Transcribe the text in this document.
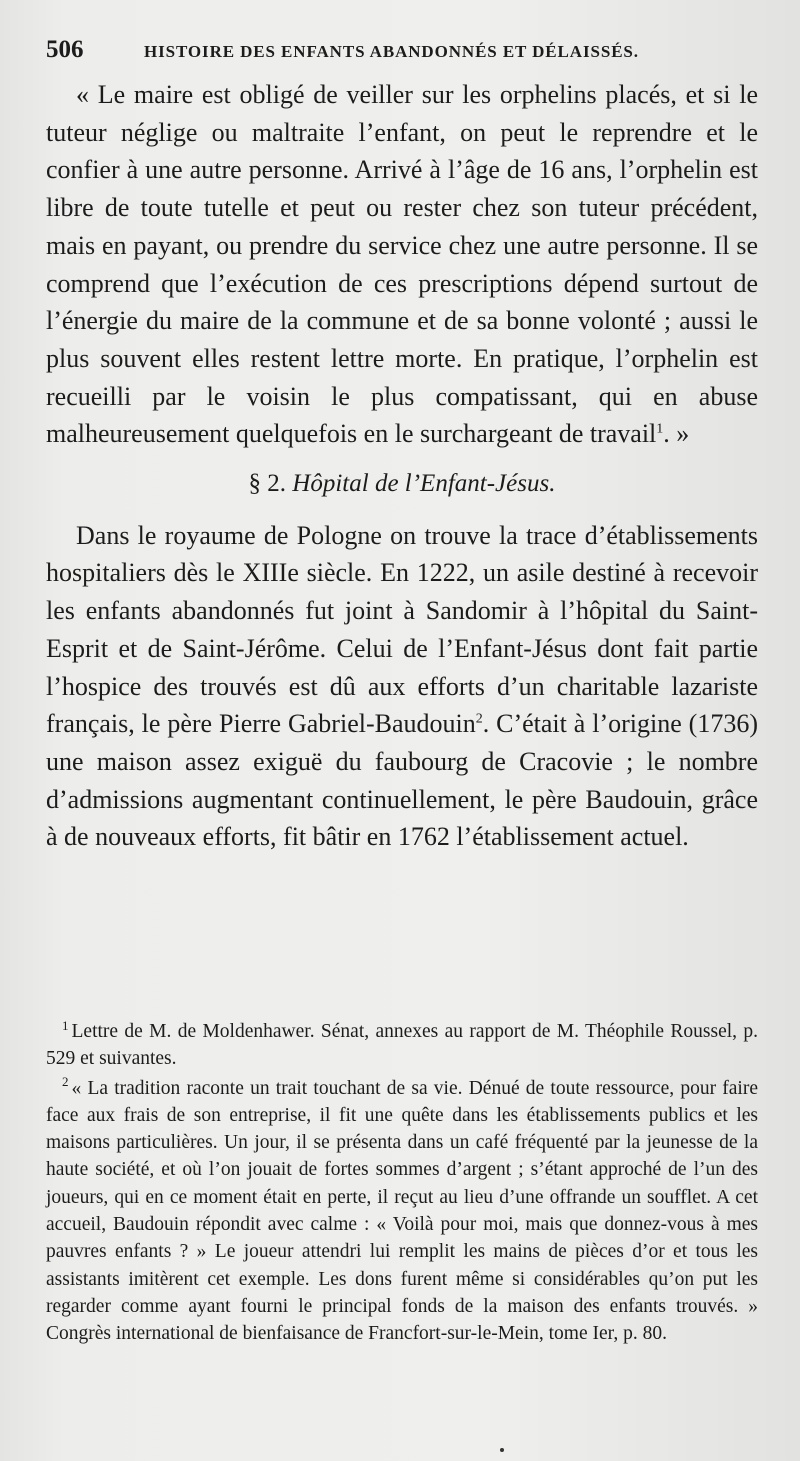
506	HISTOIRE DES ENFANTS ABANDONNÉS ET DÉLAISSÉS.

« Le maire est obligé de veiller sur les orphelins placés, et si le tuteur néglige ou maltraite l’enfant, on peut le reprendre et le confier à une autre personne. Arrivé à l’âge de 16 ans, l’orphelin est libre de toute tutelle et peut ou rester chez son tuteur précédent, mais en payant, ou prendre du service chez une autre personne. Il se comprend que l’exécution de ces prescriptions dépend surtout de l’énergie du maire de la commune et de sa bonne volonté ; aussi le plus souvent elles restent lettre morte. En pratique, l’orphelin est recueilli par le voisin le plus compatissant, qui en abuse malheureusement quelquefois en le surchargeant de travail$^1$. »

§ 2. Hôpital de l’Enfant-Jésus.

Dans le royaume de Pologne on trouve la trace d’établissements hospitaliers dès le XIIIe siècle. En 1222, un asile destiné à recevoir les enfants abandonnés fut joint à Sandomir à l’hôpital du Saint-Esprit et de Saint-Jérôme. Celui de l’Enfant-Jésus dont fait partie l’hospice des trouvés est dû aux efforts d’un charitable lazariste français, le père Pierre Gabriel-Baudouin$^2$. C’était à l’origine (1736) une maison assez exiguë du faubourg de Cracovie ; le nombre d’admissions augmentant continuellement, le père Baudouin, grâce à de nouveaux efforts, fit bâtir en 1762 l’établissement actuel.

$^1$ Lettre de M. de Moldenhawer. Sénat, annexes au rapport de M. Théophile Roussel, p. 529 et suivantes.

$^2$ « La tradition raconte un trait touchant de sa vie. Dénué de toute ressource, pour faire face aux frais de son entreprise, il fit une quête dans les établissements publics et les maisons particulières. Un jour, il se présenta dans un café fréquenté par la jeunesse de la haute société, et où l’on jouait de fortes sommes d’argent ; s’étant approché de l’un des joueurs, qui en ce moment était en perte, il reçut au lieu d’une offrande un soufflet. A cet accueil, Baudouin répondit avec calme : « Voilà pour moi, mais que donnez-vous à mes pauvres enfants ? » Le joueur attendri lui remplit les mains de pièces d’or et tous les assistants imitèrent cet exemple. Les dons furent même si considérables qu’on put les regarder comme ayant fourni le principal fonds de la maison des enfants trouvés. » Congrès international de bienfaisance de Francfort-sur-le-Mein, tome Ier, p. 80.
